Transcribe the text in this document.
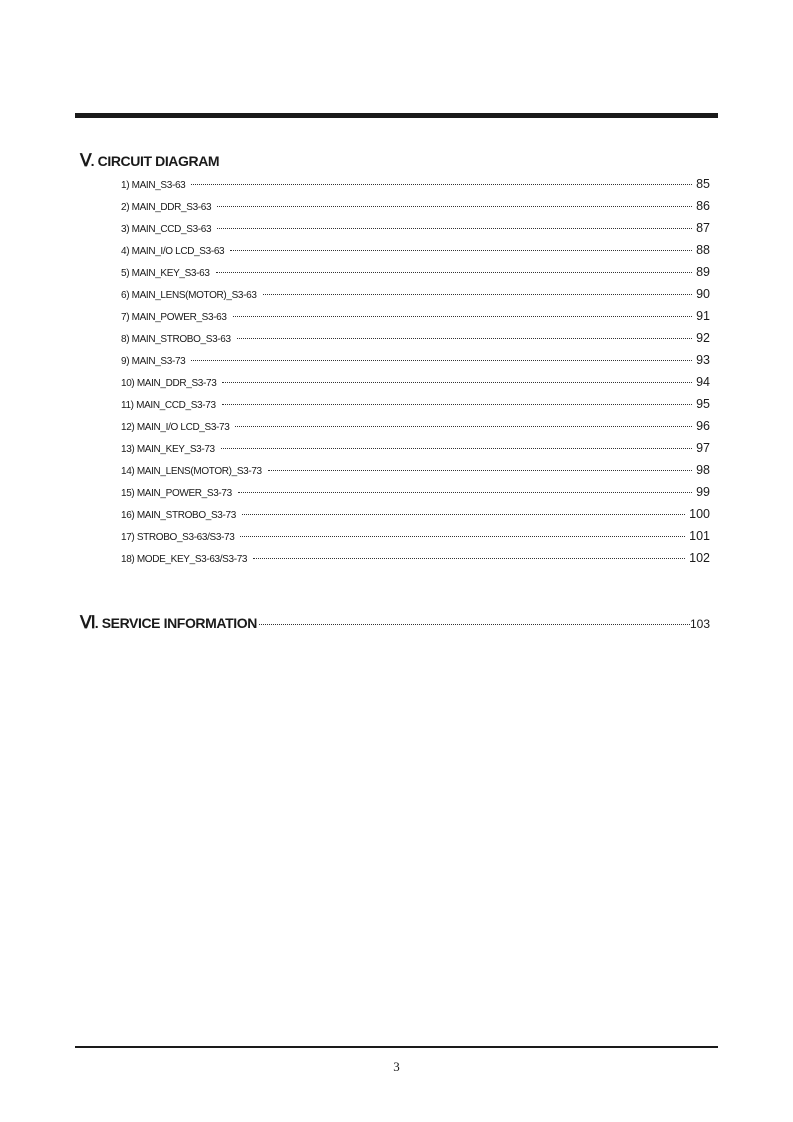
Ⅴ. CIRCUIT DIAGRAM
1) MAIN_S3-63	85
2) MAIN_DDR_S3-63	86
3) MAIN_CCD_S3-63	87
4) MAIN_I/O LCD_S3-63	88
5) MAIN_KEY_S3-63	89
6) MAIN_LENS(MOTOR)_S3-63	90
7) MAIN_POWER_S3-63	91
8) MAIN_STROBO_S3-63	92
9) MAIN_S3-73	93
10) MAIN_DDR_S3-73	94
11) MAIN_CCD_S3-73	95
12) MAIN_I/O LCD_S3-73	96
13) MAIN_KEY_S3-73	97
14) MAIN_LENS(MOTOR)_S3-73	98
15) MAIN_POWER_S3-73	99
16) MAIN_STROBO_S3-73	100
17) STROBO_S3-63/S3-73	101
18) MODE_KEY_S3-63/S3-73	102
Ⅵ. SERVICE INFORMATION	103
3
